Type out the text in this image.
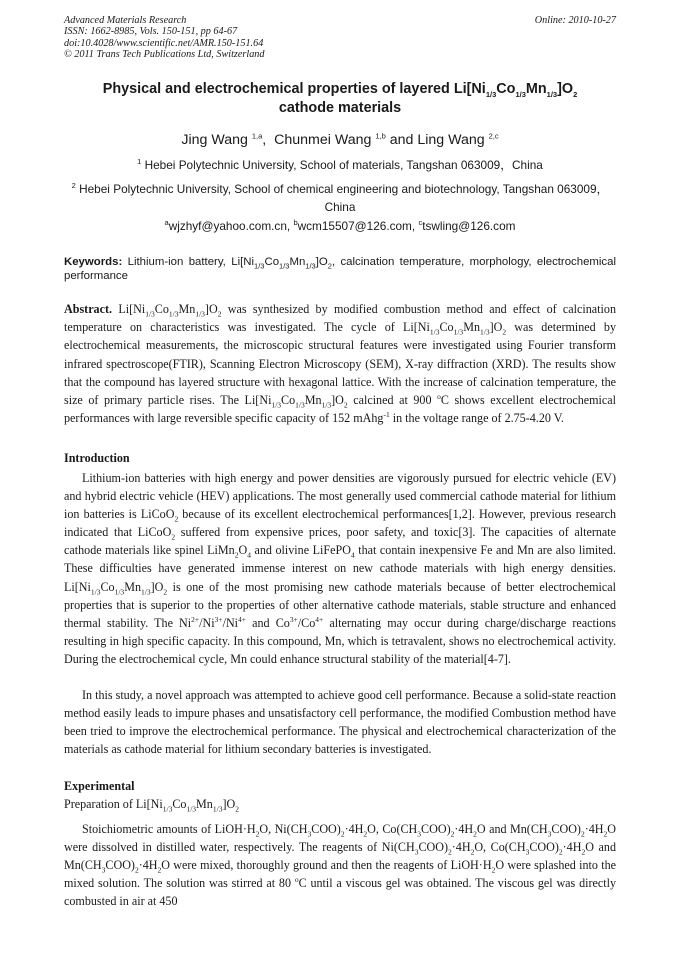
Advanced Materials Research
ISSN: 1662-8985, Vols. 150-151, pp 64-67
doi:10.4028/www.scientific.net/AMR.150-151.64
© 2011 Trans Tech Publications Ltd, Switzerland
Online: 2010-10-27
Physical and electrochemical properties of layered $Li[Ni_{1/3}Co_{1/3}Mn_{1/3}]O_2$
cathode materials
Jing Wang $^{1,a}$,  Chunmei Wang $^{1,b}$ and Ling Wang $^{2,c}$
$^1$ Hebei Polytechnic University, School of materials, Tangshan 063009，China
$^2$ Hebei Polytechnic University, School of chemical engineering and biotechnology, Tangshan 063009，China
$^a$wjzhyf@yahoo.com.cn, $^b$wcm15507@126.com, $^c$tswling@126.com
Keywords: Lithium-ion battery, $Li[Ni_{1/3}Co_{1/3}Mn_{1/3}]O_2$, calcination temperature, morphology, electrochemical performance
Abstract. $Li[Ni_{1/3}Co_{1/3}Mn_{1/3}]O_2$ was synthesized by modified combustion method and effect of calcination temperature on characteristics was investigated. The cycle of $Li[Ni_{1/3}Co_{1/3}Mn_{1/3}]O_2$ was determined by electrochemical measurements, the microscopic structural features were investigated using Fourier transform infrared spectroscope(FTIR), Scanning Electron Microscopy (SEM), X-ray diffraction (XRD). The results show that the compound has layered structure with hexagonal lattice. With the increase of calcination temperature, the size of primary particle rises. The $Li[Ni_{1/3}Co_{1/3}Mn_{1/3}]O_2$ calcined at 900 $^o$C shows excellent electrochemical performances with large reversible specific capacity of 152 mAhg$^{-1}$ in the voltage range of 2.75-4.20 V.
Introduction
Lithium-ion batteries with high energy and power densities are vigorously pursued for electric vehicle (EV) and hybrid electric vehicle (HEV) applications. The most generally used commercial cathode material for lithium ion batteries is LiCoO$_2$ because of its excellent electrochemical performances[1,2]. However, previous research indicated that LiCoO$_2$ suffered from expensive prices, poor safety, and toxic[3]. The capacities of alternate cathode materials like spinel $LiMn_2O_4$ and olivine LiFePO$_4$ that contain inexpensive Fe and Mn are also limited. These difficulties have generated immense interest on new cathode materials with high energy densities. $Li[Ni_{1/3}Co_{1/3}Mn_{1/3}]O_2$ is one of the most promising new cathode materials because of better electrochemical properties that is superior to the properties of other alternative cathode materials, stable structure and enhanced thermal stability. The $Ni^{2+}/Ni^{3+}/Ni^{4+}$ and $Co^{3+}/Co^{4+}$ alternating may occur during charge/discharge reactions resulting in high specific capacity. In this compound, Mn, which is tetravalent, shows no electrochemical activity. During the electrochemical cycle, Mn could enhance structural stability of the material[4-7].
In this study, a novel approach was attempted to achieve good cell performance. Because a solid-state reaction method easily leads to impure phases and unsatisfactory cell performance, the modified Combustion method have been tried to improve the electrochemical performance. The physical and electrochemical characterization of the materials as cathode material for lithium secondary batteries is investigated.
Experimental
Preparation of $Li[Ni_{1/3}Co_{1/3}Mn_{1/3}]O_2$
Stoichiometric amounts of $LiOH\cdot H_2O$, $Ni(CH_3COO)_2\cdot 4H_2O$, $Co(CH_3COO)_2\cdot 4H_2O$ and $Mn(CH_3COO)_2\cdot 4H_2O$ were dissolved in distilled water, respectively. The reagents of $Ni(CH_3COO)_2\cdot 4H_2O$, $Co(CH_3COO)_2\cdot 4H_2O$ and $Mn(CH_3COO)_2\cdot 4H_2O$ were mixed, thoroughly ground and then the reagents of $LiOH\cdot H_2O$ were splashed into the mixed solution. The solution was stirred at 80 $^o$C until a viscous gel was obtained. The viscous gel was directly combusted in air at 450
